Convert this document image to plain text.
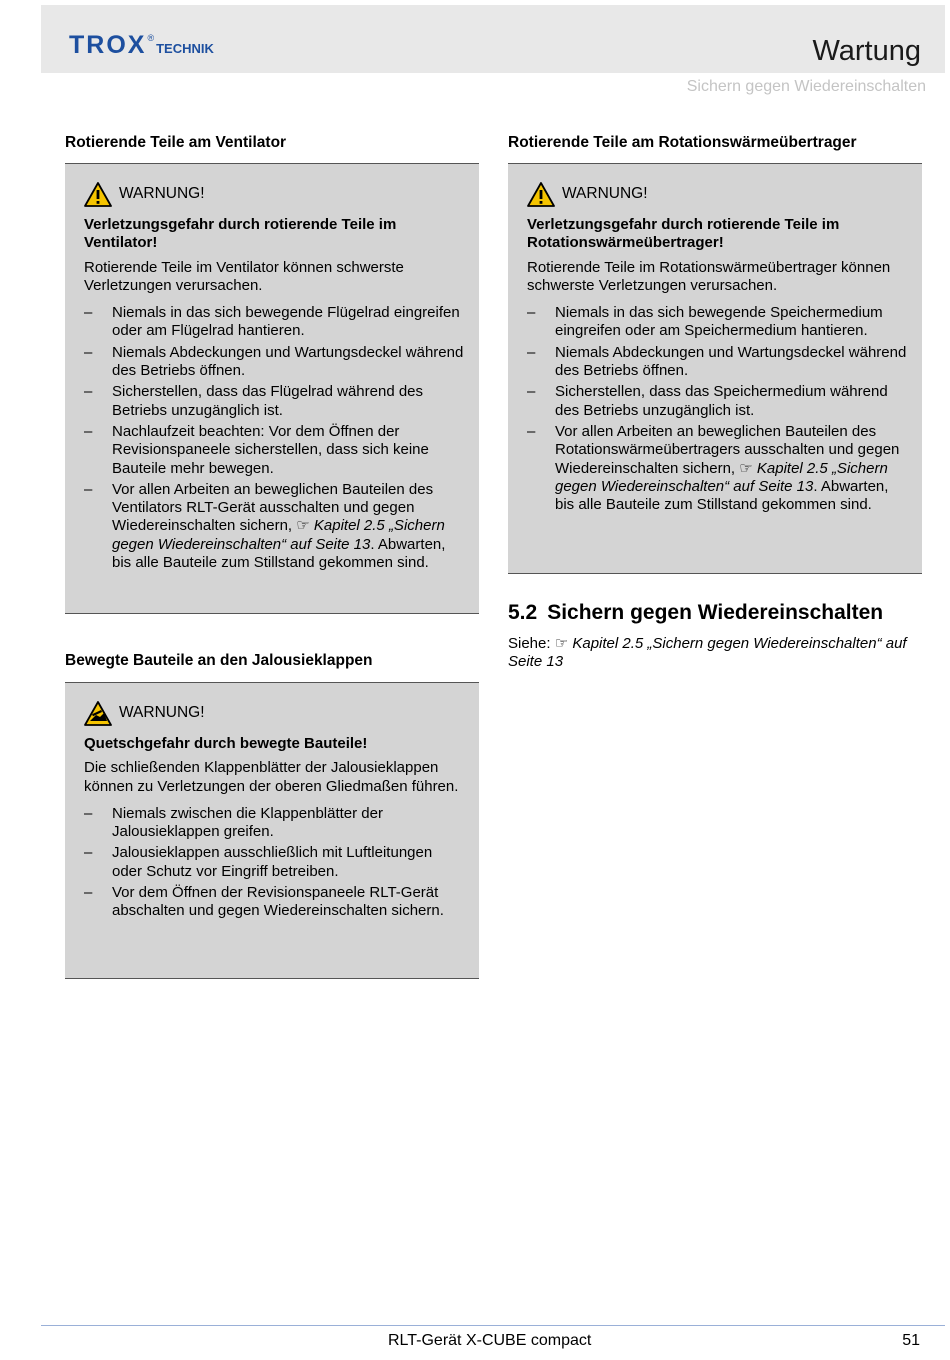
TROX ®
TECHNIK	Wartung
Sichern gegen Wiedereinschalten
Rotierende Teile am Ventilator
WARNUNG!
Verletzungsgefahr durch rotierende Teile im Ventilator!
Rotierende Teile im Ventilator können schwerste Verletzungen verursachen.
– Niemals in das sich bewegende Flügelrad eingreifen oder am Flügelrad hantieren.
– Niemals Abdeckungen und Wartungsdeckel während des Betriebs öffnen.
– Sicherstellen, dass das Flügelrad während des Betriebs unzugänglich ist.
– Nachlaufzeit beachten: Vor dem Öffnen der Revisionspaneele sicherstellen, dass sich keine Bauteile mehr bewegen.
– Vor allen Arbeiten an beweglichen Bauteilen des Ventilators RLT-Gerät ausschalten und gegen Wiedereinschalten sichern, ☞ Kapitel 2.5 „Sichern gegen Wiedereinschalten“ auf Seite 13. Abwarten, bis alle Bauteile zum Stillstand gekommen sind.
Bewegte Bauteile an den Jalousieklappen
WARNUNG!
Quetschgefahr durch bewegte Bauteile!
Die schließenden Klappenblätter der Jalousieklappen können zu Verletzungen der oberen Gliedmaßen führen.
– Niemals zwischen die Klappenblätter der Jalousieklappen greifen.
– Jalousieklappen ausschließlich mit Luftleitungen oder Schutz vor Eingriff betreiben.
– Vor dem Öffnen der Revisionspaneele RLT-Gerät abschalten und gegen Wiedereinschalten sichern.
Rotierende Teile am Rotationswärmeübertrager
WARNUNG!
Verletzungsgefahr durch rotierende Teile im Rotationswärmeübertrager!
Rotierende Teile im Rotationswärmeübertrager können schwerste Verletzungen verursachen.
– Niemals in das sich bewegende Speichermedium eingreifen oder am Speichermedium hantieren.
– Niemals Abdeckungen und Wartungsdeckel während des Betriebs öffnen.
– Sicherstellen, dass das Speichermedium während des Betriebs unzugänglich ist.
– Vor allen Arbeiten an beweglichen Bauteilen des Rotationswärmeübertragers ausschalten und gegen Wiedereinschalten sichern, ☞ Kapitel 2.5 „Sichern gegen Wiedereinschalten“ auf Seite 13. Abwarten, bis alle Bauteile zum Stillstand gekommen sind.
5.2 Sichern gegen Wiedereinschalten
Siehe: ☞ Kapitel 2.5 „Sichern gegen Wiedereinschalten“ auf Seite 13
RLT-Gerät X-CUBE compact	51
